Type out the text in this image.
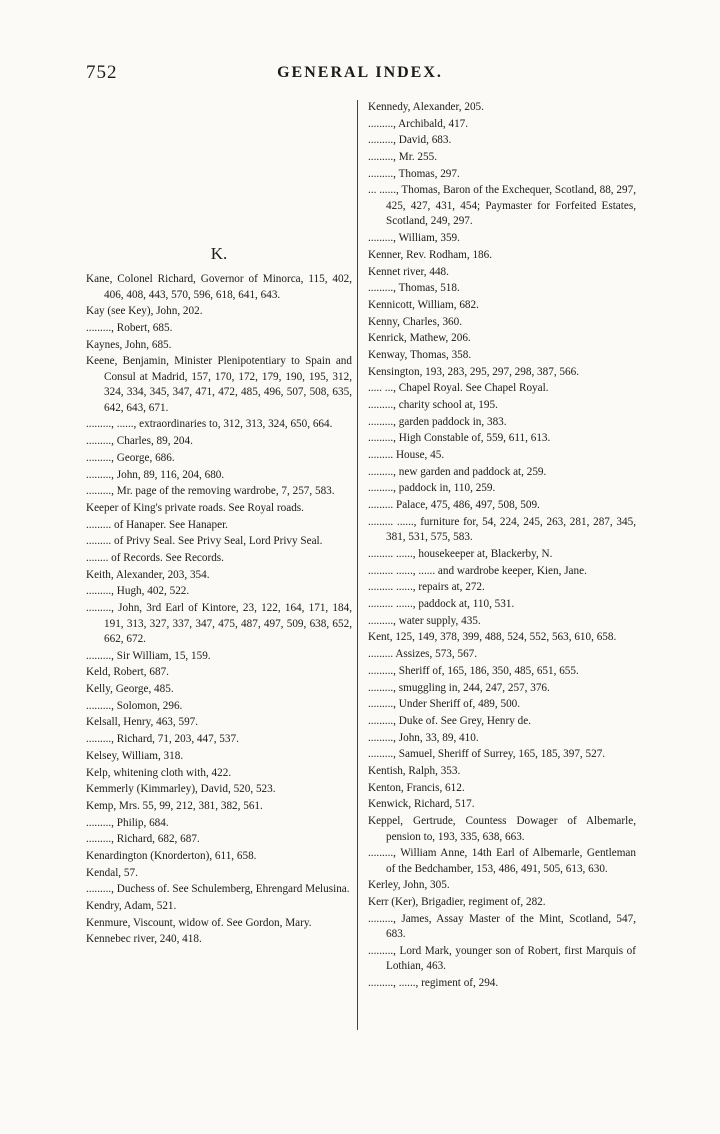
752	GENERAL INDEX.
K.

Kane, Colonel Richard, Governor of Minorca, 115, 402, 406, 408, 443, 570, 596, 618, 641, 643.

Kay (see Key), John, 202.

........., Robert, 685.

Kaynes, John, 685.

Keene, Benjamin, Minister Plenipotentiary to Spain and Consul at Madrid, 157, 170, 172, 179, 190, 195, 312, 324, 334, 345, 347, 471, 472, 485, 496, 507, 508, 635, 642, 643, 671.

........., ......, extraordinaries to, 312, 313, 324, 650, 664.

........., Charles, 89, 204.

........., George, 686.

........., John, 89, 116, 204, 680.

........., Mr. page of the removing wardrobe, 7, 257, 583.

Keeper of King's private roads. See Royal roads.

......... of Hanaper. See Hanaper.

......... of Privy Seal. See Privy Seal, Lord Privy Seal.

........ of Records. See Records.

Keith, Alexander, 203, 354.

........., Hugh, 402, 522.

........., John, 3rd Earl of Kintore, 23, 122, 164, 171, 184, 191, 313, 327, 337, 347, 475, 487, 497, 509, 638, 652, 662, 672.

........., Sir William, 15, 159.

Keld, Robert, 687.

Kelly, George, 485.

........., Solomon, 296.

Kelsall, Henry, 463, 597.

........., Richard, 71, 203, 447, 537.

Kelsey, William, 318.

Kelp, whitening cloth with, 422.

Kemmerly (Kimmarley), David, 520, 523.

Kemp, Mrs. 55, 99, 212, 381, 382, 561.

........., Philip, 684.

........., Richard, 682, 687.

Kenardington (Knorderton), 611, 658.

Kendal, 57.

........., Duchess of. See Schulemberg, Ehrengard Melusina.

Kendry, Adam, 521.

Kenmure, Viscount, widow of. See Gordon, Mary.

Kennebec river, 240, 418.

Kennedy, Alexander, 205.

........., Archibald, 417.

........., David, 683.

........., Mr. 255.

........., Thomas, 297.

... ......, Thomas, Baron of the Exchequer, Scotland, 88, 297, 425, 427, 431, 454; Paymaster for Forfeited Estates, Scotland, 249, 297.

........., William, 359.

Kenner, Rev. Rodham, 186.

Kennet river, 448.

........., Thomas, 518.

Kennicott, William, 682.

Kenny, Charles, 360.

Kenrick, Mathew, 206.

Kenway, Thomas, 358.

Kensington, 193, 283, 295, 297, 298, 387, 566.

..... ..., Chapel Royal. See Chapel Royal.

........., charity school at, 195.

........., garden paddock in, 383.

........., High Constable of, 559, 611, 613.

......... House, 45.

........., new garden and paddock at, 259.

........., paddock in, 110, 259.

......... Palace, 475, 486, 497, 508, 509.

......... ......, furniture for, 54, 224, 245, 263, 281, 287, 345, 381, 531, 575, 583.

......... ......, housekeeper at, Blackerby, N.

......... ......, ...... and wardrobe keeper, Kien, Jane.

......... ......, repairs at, 272.

......... ......, paddock at, 110, 531.

........., water supply, 435.

Kent, 125, 149, 378, 399, 488, 524, 552, 563, 610, 658.

......... Assizes, 573, 567.

........., Sheriff of, 165, 186, 350, 485, 651, 655.

........., smuggling in, 244, 247, 257, 376.

........., Under Sheriff of, 489, 500.

........., Duke of. See Grey, Henry de.

........., John, 33, 89, 410.

........., Samuel, Sheriff of Surrey, 165, 185, 397, 527.

Kentish, Ralph, 353.

Kenton, Francis, 612.

Kenwick, Richard, 517.

Keppel, Gertrude, Countess Dowager of Albemarle, pension to, 193, 335, 638, 663.

........., William Anne, 14th Earl of Albemarle, Gentleman of the Bedchamber, 153, 486, 491, 505, 613, 630.

Kerley, John, 305.

Kerr (Ker), Brigadier, regiment of, 282.

........., James, Assay Master of the Mint, Scotland, 547, 683.

........., Lord Mark, younger son of Robert, first Marquis of Lothian, 463.

........., ......, regiment of, 294.
